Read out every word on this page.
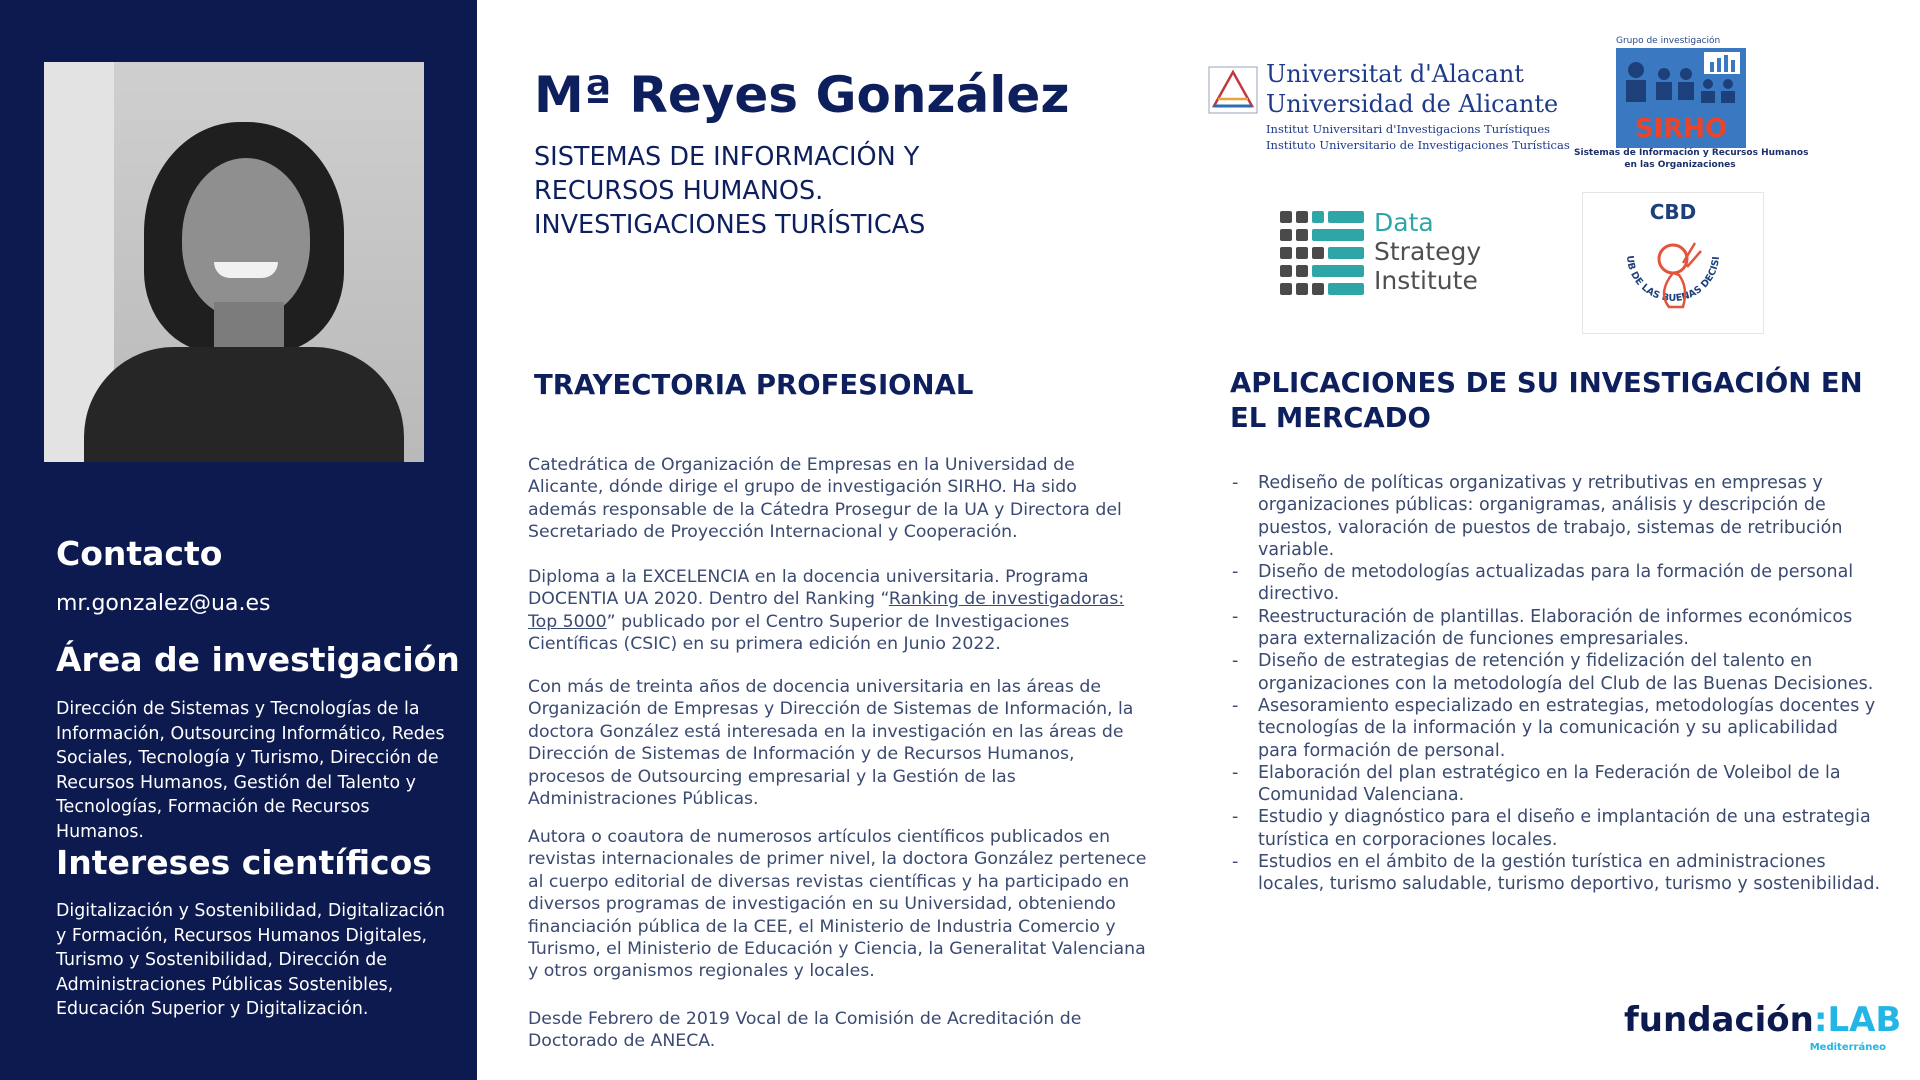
Contacto
mr.gonzalez@ua.es
Área de investigación

Dirección de Sistemas y Tecnologías de la Información, Outsourcing Informático, Redes Sociales, Tecnología y Turismo, Dirección de Recursos Humanos, Gestión del Talento y Tecnologías, Formación de Recursos Humanos.

Intereses científicos

Digitalización y Sostenibilidad, Digitalización y Formación, Recursos Humanos Digitales, Turismo y Sostenibilidad, Dirección de Administraciones Públicas Sostenibles, Educación Superior y Digitalización.

Mª Reyes González
SISTEMAS DE INFORMACIÓN Y
RECURSOS HUMANOS.
INVESTIGACIONES TURÍSTICAS
Universitat d'Alacant
Universidad de Alicante
Institut Universitari d'Investigacions Turístiques
Instituto Universitario de Investigaciones Turísticas
Grupo de investigación
SIRHO
Sistemas de Información y Recursos Humanos
en las Organizaciones
Data
Strategy
Institute
CBD
UB DE LAS BUENAS DECISI
TRAYECTORIA PROFESIONAL

Catedrática de Organización de Empresas en la Universidad de
Alicante, dónde dirige el grupo de investigación SIRHO. Ha sido
además responsable de la Cátedra Prosegur de la UA y Directora del
Secretariado de Proyección Internacional y Cooperación.

Diploma a la EXCELENCIA en la docencia universitaria. Programa
DOCENTIA UA 2020. Dentro del Ranking “Ranking de investigadoras:
Top 5000” publicado por el Centro Superior de Investigaciones
Científicas (CSIC) en su primera edición en Junio 2022.

Con más de treinta años de docencia universitaria en las áreas de
Organización de Empresas y Dirección de Sistemas de Información, la
doctora González está interesada en la investigación en las áreas de
Dirección de Sistemas de Información y de Recursos Humanos,
procesos de Outsourcing empresarial y la Gestión de las
Administraciones Públicas.

Autora o coautora de numerosos artículos científicos publicados en
revistas internacionales de primer nivel, la doctora González pertenece
al cuerpo editorial de diversas revistas científicas y ha participado en
diversos programas de investigación en su Universidad, obteniendo
financiación pública de la CEE, el Ministerio de Industria Comercio y
Turismo, el Ministerio de Educación y Ciencia, la Generalitat Valenciana
y otros organismos regionales y locales.

Desde Febrero de 2019 Vocal de la Comisión de Acreditación de
Doctorado de ANECA.

APLICACIONES DE SU INVESTIGACIÓN EN
EL MERCADO
- Rediseño de políticas organizativas y retributivas en empresas y organizaciones públicas: organigramas, análisis y descripción de puestos, valoración de puestos de trabajo, sistemas de retribución variable.
- Diseño de metodologías actualizadas para la formación de personal directivo.
- Reestructuración de plantillas. Elaboración de informes económicos para externalización de funciones empresariales.
- Diseño de estrategias de retención y fidelización del talento en organizaciones con la metodología del Club de las Buenas Decisiones.
- Asesoramiento especializado en estrategias, metodologías docentes y tecnologías de la información y la comunicación y su aplicabilidad para formación de personal.
- Elaboración del plan estratégico en la Federación de Voleibol de la Comunidad Valenciana.
- Estudio y diagnóstico para el diseño e implantación de una estrategia turística en corporaciones locales.
- Estudios en el ámbito de la gestión turística en administraciones locales, turismo saludable, turismo deportivo, turismo y sostenibilidad.
fundación:LAB
Mediterráneo
